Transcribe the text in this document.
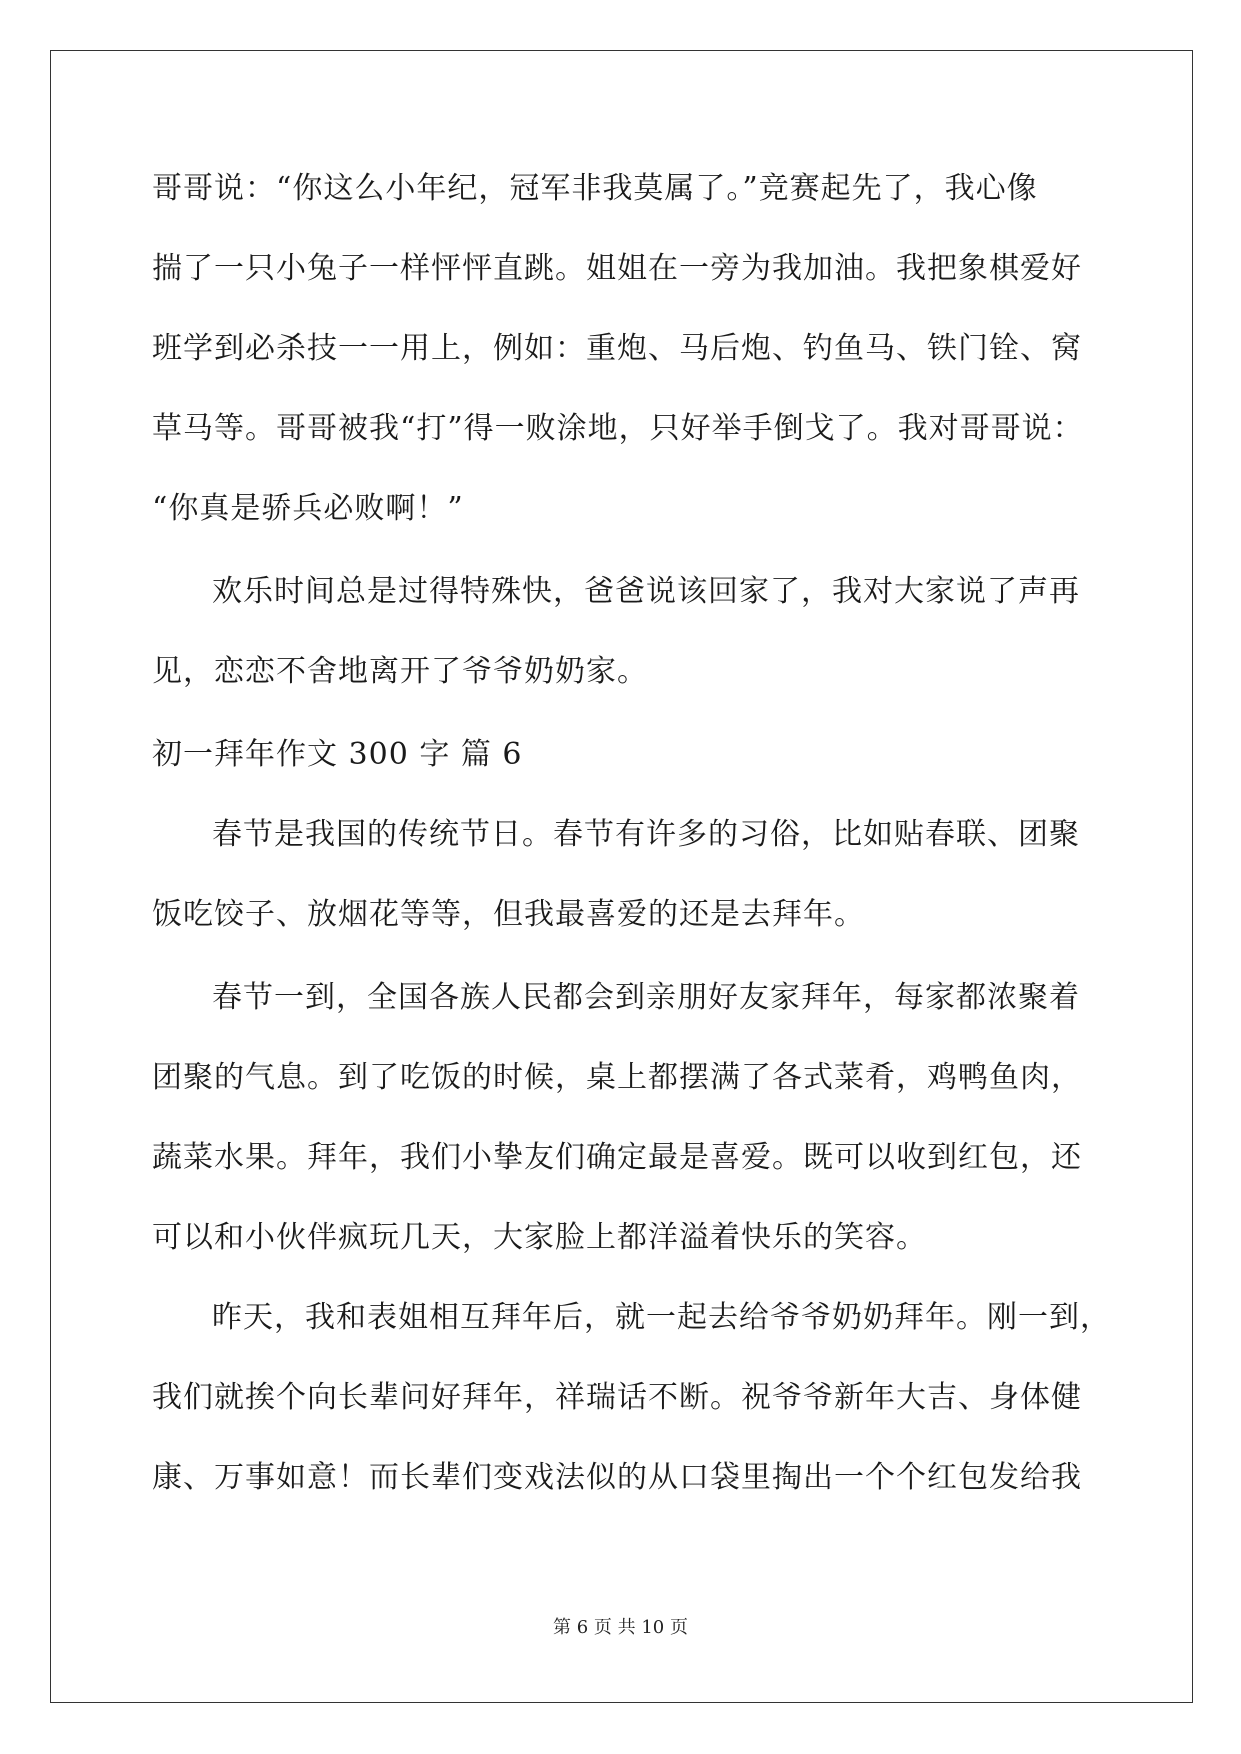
哥哥说：“你这么小年纪，冠军非我莫属了。”竞赛起先了，我心像
揣了一只小兔子一样怦怦直跳。姐姐在一旁为我加油。我把象棋爱好
班学到必杀技一一用上，例如：重炮、马后炮、钓鱼马、铁门铨、窝
草马等。哥哥被我“打”得一败涂地，只好举手倒戈了。我对哥哥说：
“你真是骄兵必败啊！”
欢乐时间总是过得特殊快，爸爸说该回家了，我对大家说了声再
见，恋恋不舍地离开了爷爷奶奶家。
初一拜年作文 300 字 篇 6
春节是我国的传统节日。春节有许多的习俗，比如贴春联、团聚
饭吃饺子、放烟花等等，但我最喜爱的还是去拜年。
春节一到，全国各族人民都会到亲朋好友家拜年，每家都浓聚着
团聚的气息。到了吃饭的时候，桌上都摆满了各式菜肴，鸡鸭鱼肉，
蔬菜水果。拜年，我们小挚友们确定最是喜爱。既可以收到红包，还
可以和小伙伴疯玩几天，大家脸上都洋溢着快乐的笑容。
昨天，我和表姐相互拜年后，就一起去给爷爷奶奶拜年。刚一到，
我们就挨个向长辈问好拜年，祥瑞话不断。祝爷爷新年大吉、身体健
康、万事如意！而长辈们变戏法似的从口袋里掏出一个个红包发给我
第 6 页 共 10 页
